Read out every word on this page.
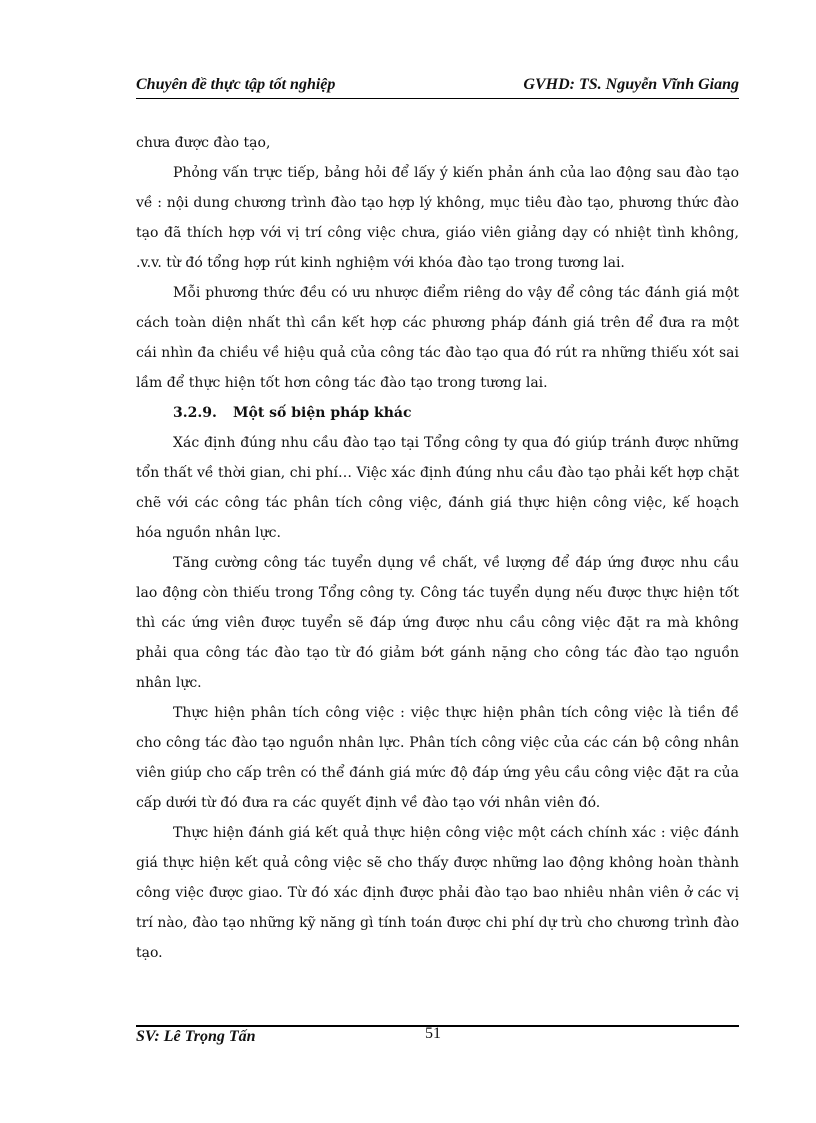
Chuyên đề thực tập tốt nghiệp	GVHD: TS. Nguyễn Vĩnh Giang

chưa được đào tạo,

Phỏng vấn trực tiếp, bảng hỏi để lấy ý kiến phản ánh của lao động sau đào tạo về : nội dung chương trình đào tạo hợp lý không, mục tiêu đào tạo, phương thức đào tạo đã thích hợp với vị trí công việc chưa, giáo viên giảng dạy có nhiệt tình không, .v.v. từ đó tổng hợp rút kinh nghiệm với khóa đào tạo trong tương lai.

Mỗi phương thức đều có ưu nhược điểm riêng do vậy để công tác đánh giá một cách toàn diện nhất thì cần kết hợp các phương pháp đánh giá trên để đưa ra một cái nhìn đa chiều về hiệu quả của công tác đào tạo qua đó rút ra những thiếu xót sai lầm để thực hiện tốt hơn công tác đào tạo trong tương lai.

3.2.9. Một số biện pháp khác

Xác định đúng nhu cầu đào tạo tại Tổng công ty qua đó giúp tránh được những tổn thất về thời gian, chi phí… Việc xác định đúng nhu cầu đào tạo phải kết hợp chặt chẽ với các công tác phân tích công việc, đánh giá thực hiện công việc, kế hoạch hóa nguồn nhân lực.

Tăng cường công tác tuyển dụng về chất, về lượng để đáp ứng được nhu cầu lao động còn thiếu trong Tổng công ty. Công tác tuyển dụng nếu được thực hiện tốt thì các ứng viên được tuyển sẽ đáp ứng được nhu cầu công việc đặt ra mà không phải qua công tác đào tạo từ đó giảm bớt gánh nặng cho công tác đào tạo nguồn nhân lực.

Thực hiện phân tích công việc : việc thực hiện phân tích công việc là tiền đề cho công tác đào tạo nguồn nhân lực. Phân tích công việc của các cán bộ công nhân viên giúp cho cấp trên có thể đánh giá mức độ đáp ứng yêu cầu công việc đặt ra của cấp dưới từ đó đưa ra các quyết định về đào tạo với nhân viên đó.

Thực hiện đánh giá kết quả thực hiện công việc một cách chính xác : việc đánh giá thực hiện kết quả công việc sẽ cho thấy được những lao động không hoàn thành công việc được giao. Từ đó xác định được phải đào tạo bao nhiêu nhân viên ở các vị trí nào, đào tạo những kỹ năng gì tính toán được chi phí dự trù cho chương trình đào tạo.

SV: Lê Trọng Tấn	51
